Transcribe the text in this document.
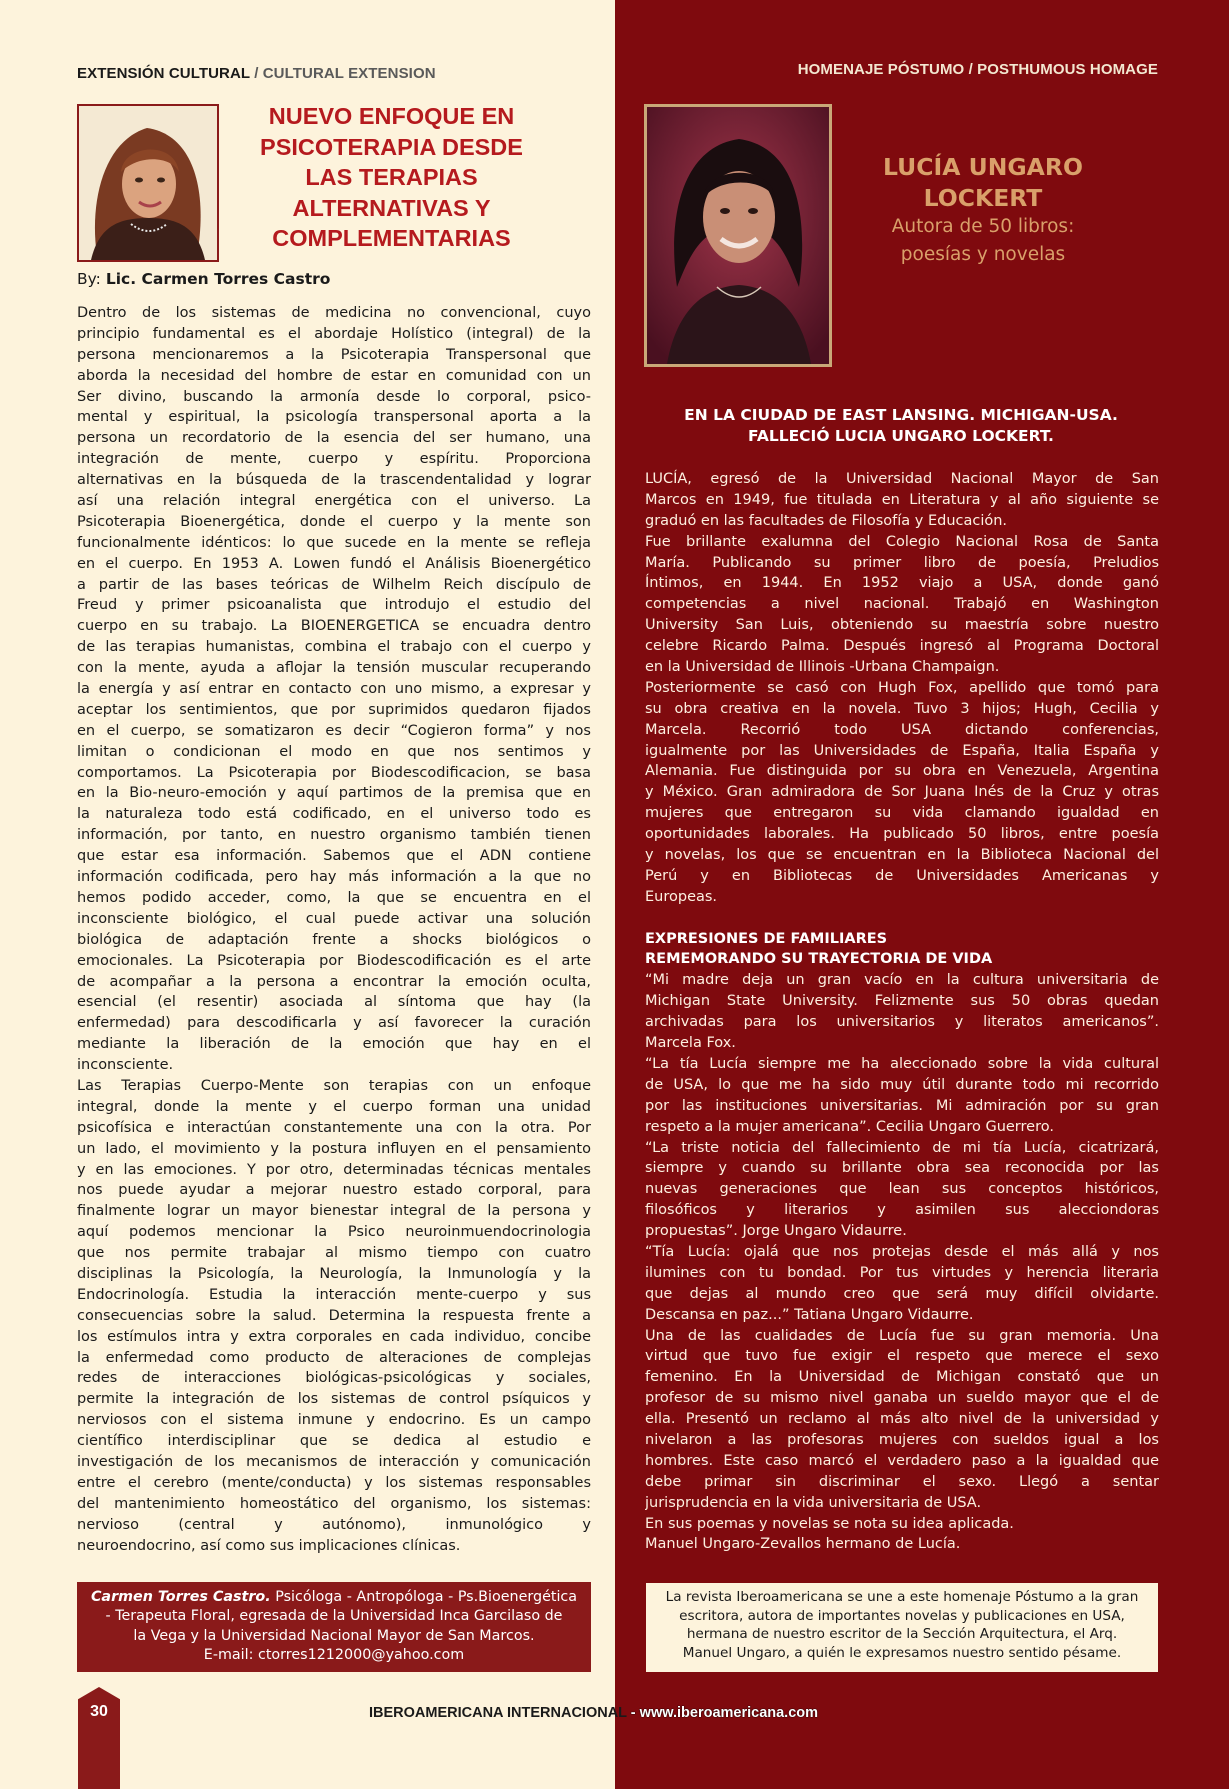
EXTENSIÓN CULTURAL / CULTURAL EXTENSION	HOMENAJE PÓSTUMO / POSTHUMOUS HOMAGE
NUEVO ENFOQUE EN
PSICOTERAPIA DESDE
LAS TERAPIAS
ALTERNATIVAS Y
COMPLEMENTARIAS
By: Lic. Carmen Torres Castro
Dentro de los sistemas de medicina no convencional, cuyo
principio fundamental es el abordaje Holístico (integral) de la
persona mencionaremos a la Psicoterapia Transpersonal que
aborda la necesidad del hombre de estar en comunidad con un
Ser divino, buscando la armonía desde lo corporal, psico-
mental y espiritual, la psicología transpersonal aporta a la
persona un recordatorio de la esencia del ser humano, una
integración de mente, cuerpo y espíritu. Proporciona
alternativas en la búsqueda de la trascendentalidad y lograr
así una relación integral energética con el universo. La
Psicoterapia Bioenergética, donde el cuerpo y la mente son
funcionalmente idénticos: lo que sucede en la mente se refleja
en el cuerpo. En 1953 A. Lowen fundó el Análisis Bioenergético
a partir de las bases teóricas de Wilhelm Reich discípulo de
Freud y primer psicoanalista que introdujo el estudio del
cuerpo en su trabajo. La BIOENERGETICA se encuadra dentro
de las terapias humanistas, combina el trabajo con el cuerpo y
con la mente, ayuda a aflojar la tensión muscular recuperando
la energía y así entrar en contacto con uno mismo, a expresar y
aceptar los sentimientos, que por suprimidos quedaron fijados
en el cuerpo, se somatizaron es decir “Cogieron forma” y nos
limitan o condicionan el modo en que nos sentimos y
comportamos. La Psicoterapia por Biodescodificacion, se basa
en la Bio-neuro-emoción y aquí partimos de la premisa que en
la naturaleza todo está codificado, en el universo todo es
información, por tanto, en nuestro organismo también tienen
que estar esa información. Sabemos que el ADN contiene
información codificada, pero hay más información a la que no
hemos podido acceder, como, la que se encuentra en el
inconsciente biológico, el cual puede activar una solución
biológica de adaptación frente a shocks biológicos o
emocionales. La Psicoterapia por Biodescodificación es el arte
de acompañar a la persona a encontrar la emoción oculta,
esencial (el resentir) asociada al síntoma que hay (la
enfermedad) para descodificarla y así favorecer la curación
mediante la liberación de la emoción que hay en el
inconsciente.
Las Terapias Cuerpo-Mente son terapias con un enfoque
integral, donde la mente y el cuerpo forman una unidad
psicofísica e interactúan constantemente una con la otra. Por
un lado, el movimiento y la postura influyen en el pensamiento
y en las emociones. Y por otro, determinadas técnicas mentales
nos puede ayudar a mejorar nuestro estado corporal, para
finalmente lograr un mayor bienestar integral de la persona y
aquí podemos mencionar la Psico neuroinmuendocrinologia
que nos permite trabajar al mismo tiempo con cuatro
disciplinas la Psicología, la Neurología, la Inmunología y la
Endocrinología. Estudia la interacción mente-cuerpo y sus
consecuencias sobre la salud. Determina la respuesta frente a
los estímulos intra y extra corporales en cada individuo, concibe
la enfermedad como producto de alteraciones de complejas
redes de interacciones biológicas-psicológicas y sociales,
permite la integración de los sistemas de control psíquicos y
nerviosos con el sistema inmune y endocrino. Es un campo
científico interdisciplinar que se dedica al estudio e
investigación de los mecanismos de interacción y comunicación
entre el cerebro (mente/conducta) y los sistemas responsables
del mantenimiento homeostático del organismo, los sistemas:
nervioso (central y autónomo), inmunológico y
neuroendocrino, así como sus implicaciones clínicas.
Carmen Torres Castro. Psicóloga - Antropóloga - Ps.Bioenergética
- Terapeuta Floral, egresada de la Universidad Inca Garcilaso de
la Vega y la Universidad Nacional Mayor de San Marcos.
E-mail: ctorres1212000@yahoo.com
30	IBEROAMERICANA INTERNACIONAL - www.iberoamericana.com
LUCÍA UNGARO
LOCKERT
Autora de 50 libros:
poesías y novelas
EN LA CIUDAD DE EAST LANSING. MICHIGAN-USA.
FALLECIÓ LUCIA UNGARO LOCKERT.
LUCÍA, egresó de la Universidad Nacional Mayor de San
Marcos en 1949, fue titulada en Literatura y al año siguiente se
graduó en las facultades de Filosofía y Educación.
Fue brillante exalumna del Colegio Nacional Rosa de Santa
María. Publicando su primer libro de poesía, Preludios
Íntimos, en 1944. En 1952 viajo a USA, donde ganó
competencias a nivel nacional. Trabajó en Washington
University San Luis, obteniendo su maestría sobre nuestro
celebre Ricardo Palma. Después ingresó al Programa Doctoral
en la Universidad de Illinois -Urbana Champaign.
Posteriormente se casó con Hugh Fox, apellido que tomó para
su obra creativa en la novela. Tuvo 3 hijos; Hugh, Cecilia y
Marcela. Recorrió todo USA dictando conferencias,
igualmente por las Universidades de España, Italia España y
Alemania. Fue distinguida por su obra en Venezuela, Argentina
y México. Gran admiradora de Sor Juana Inés de la Cruz y otras
mujeres que entregaron su vida clamando igualdad en
oportunidades laborales. Ha publicado 50 libros, entre poesía
y novelas, los que se encuentran en la Biblioteca Nacional del
Perú y en Bibliotecas de Universidades Americanas y
Europeas.
EXPRESIONES DE FAMILIARES
REMEMORANDO SU TRAYECTORIA DE VIDA
“Mi madre deja un gran vacío en la cultura universitaria de
Michigan State University. Felizmente sus 50 obras quedan
archivadas para los universitarios y literatos americanos”.
Marcela Fox.
“La tía Lucía siempre me ha aleccionado sobre la vida cultural
de USA, lo que me ha sido muy útil durante todo mi recorrido
por las instituciones universitarias. Mi admiración por su gran
respeto a la mujer americana”. Cecilia Ungaro Guerrero.
“La triste noticia del fallecimiento de mi tía Lucía, cicatrizará,
siempre y cuando su brillante obra sea reconocida por las
nuevas generaciones que lean sus conceptos históricos,
filosóficos y literarios y asimilen sus alecciondoras
propuestas”. Jorge Ungaro Vidaurre.
“Tía Lucía: ojalá que nos protejas desde el más allá y nos
ilumines con tu bondad. Por tus virtudes y herencia literaria
que dejas al mundo creo que será muy difícil olvidarte.
Descansa en paz...” Tatiana Ungaro Vidaurre.
Una de las cualidades de Lucía fue su gran memoria. Una
virtud que tuvo fue exigir el respeto que merece el sexo
femenino. En la Universidad de Michigan constató que un
profesor de su mismo nivel ganaba un sueldo mayor que el de
ella. Presentó un reclamo al más alto nivel de la universidad y
nivelaron a las profesoras mujeres con sueldos igual a los
hombres. Este caso marcó el verdadero paso a la igualdad que
debe primar sin discriminar el sexo. Llegó a sentar
jurisprudencia en la vida universitaria de USA.
En sus poemas y novelas se nota su idea aplicada.
Manuel Ungaro-Zevallos hermano de Lucía.
La revista Iberoamericana se une a este homenaje Póstumo a la gran
escritora, autora de importantes novelas y publicaciones en USA,
hermana de nuestro escritor de la Sección Arquitectura, el Arq.
Manuel Ungaro, a quién le expresamos nuestro sentido pésame.
